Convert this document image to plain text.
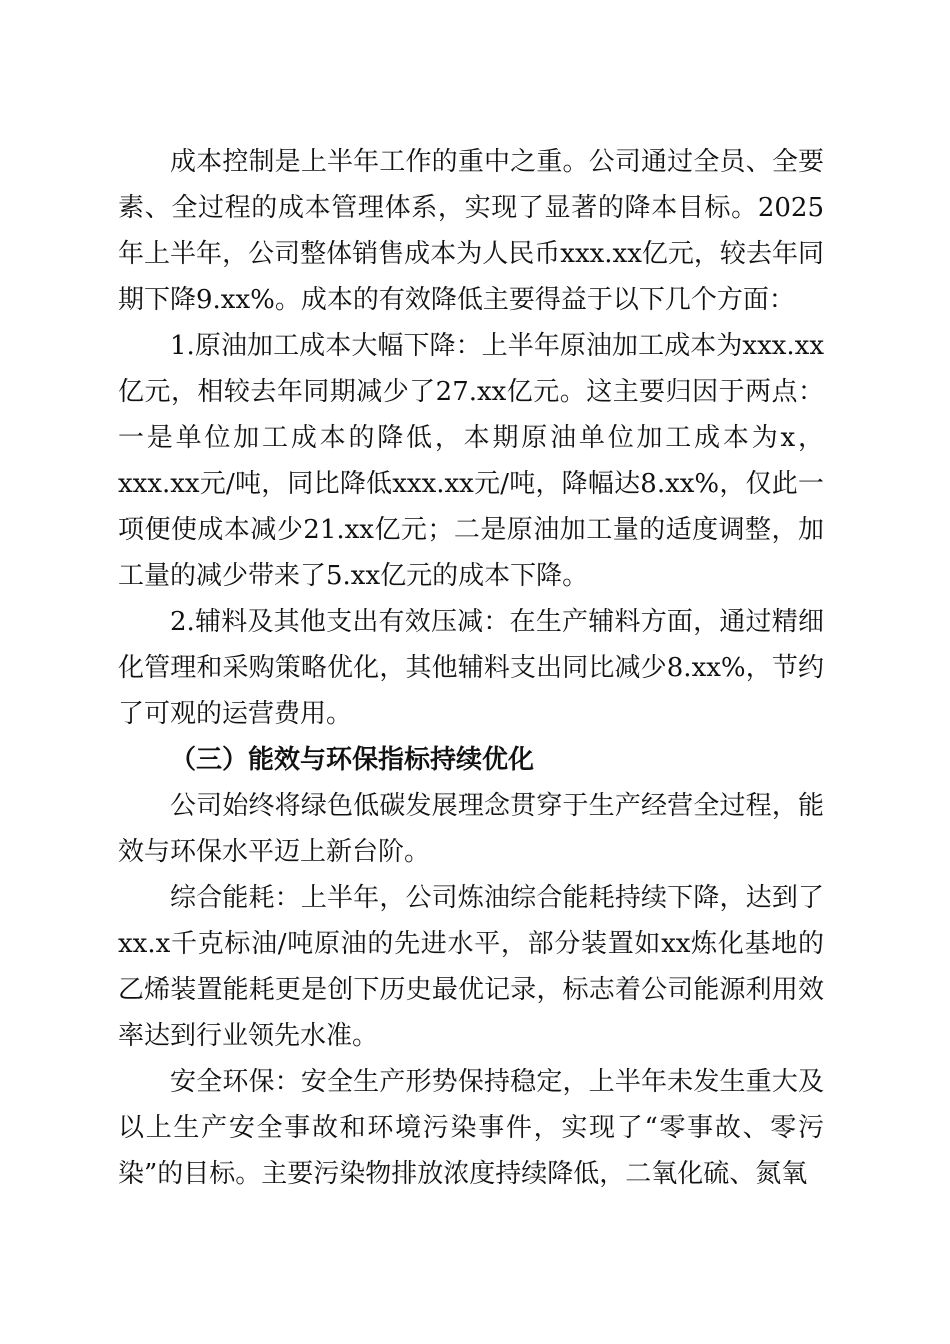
成本控制是上半年工作的重中之重。公司通过全员、全要素、全过程的成本管理体系，实现了显著的降本目标。2025年上半年，公司整体销售成本为人民币xxx.xx亿元，较去年同期下降9.xx%。成本的有效降低主要得益于以下几个方面：

1.原油加工成本大幅下降：上半年原油加工成本为xxx.xx亿元，相较去年同期减少了27.xx亿元。这主要归因于两点：一是单位加工成本的降低，本期原油单位加工成本为x，xxx.xx元/吨，同比降低xxx.xx元/吨，降幅达8.xx%，仅此一项便使成本减少21.xx亿元；二是原油加工量的适度调整，加工量的减少带来了5.xx亿元的成本下降。

2.辅料及其他支出有效压减：在生产辅料方面，通过精细化管理和采购策略优化，其他辅料支出同比减少8.xx%，节约了可观的运营费用。

（三）能效与环保指标持续优化

公司始终将绿色低碳发展理念贯穿于生产经营全过程，能效与环保水平迈上新台阶。

综合能耗：上半年，公司炼油综合能耗持续下降，达到了xx.x千克标油/吨原油的先进水平，部分装置如xx炼化基地的乙烯装置能耗更是创下历史最优记录，标志着公司能源利用效率达到行业领先水准。

安全环保：安全生产形势保持稳定，上半年未发生重大及以上生产安全事故和环境污染事件，实现了“零事故、零污染”的目标。主要污染物排放浓度持续降低，二氧化硫、氮氧
